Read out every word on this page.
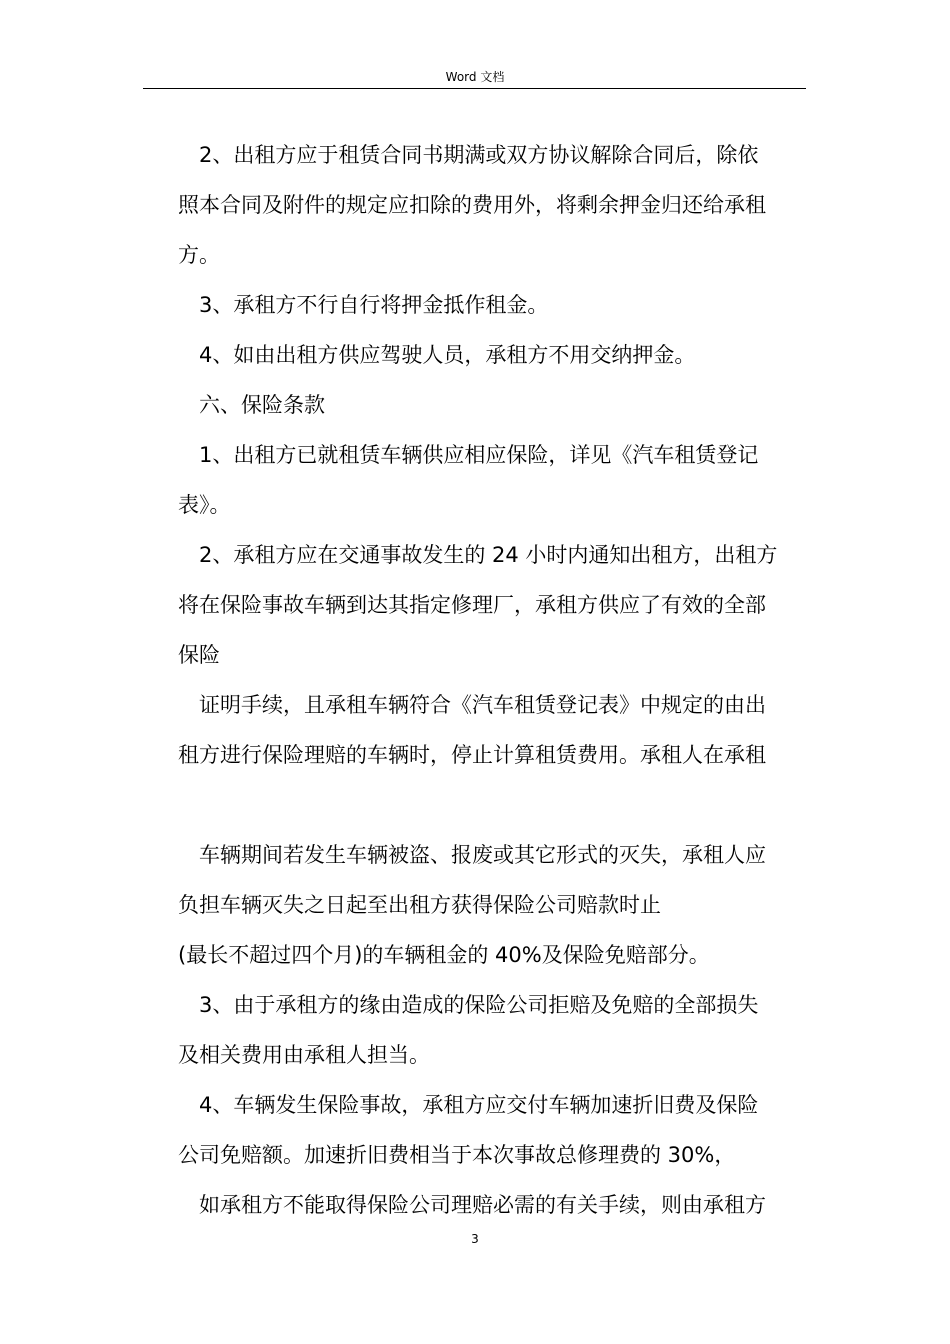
Word 文档

2、出租方应于租赁合同书期满或双方协议解除合同后，除依

照本合同及附件的规定应扣除的费用外，将剩余押金归还给承租

方。

3、承租方不行自行将押金抵作租金。

4、如由出租方供应驾驶人员，承租方不用交纳押金。

六、保险条款

1、出租方已就租赁车辆供应相应保险，详见《汽车租赁登记

表》。

2、承租方应在交通事故发生的 24 小时内通知出租方，出租方

将在保险事故车辆到达其指定修理厂，承租方供应了有效的全部

保险

证明手续，且承租车辆符合《汽车租赁登记表》中规定的由出

租方进行保险理赔的车辆时，停止计算租赁费用。承租人在承租

车辆期间若发生车辆被盗、报废或其它形式的灭失，承租人应

负担车辆灭失之日起至出租方获得保险公司赔款时止

(最长不超过四个月)的车辆租金的 40%及保险免赔部分。

3、由于承租方的缘由造成的保险公司拒赔及免赔的全部损失

及相关费用由承租人担当。

4、车辆发生保险事故，承租方应交付车辆加速折旧费及保险

公司免赔额。加速折旧费相当于本次事故总修理费的 30%，

如承租方不能取得保险公司理赔必需的有关手续，则由承租方

3
